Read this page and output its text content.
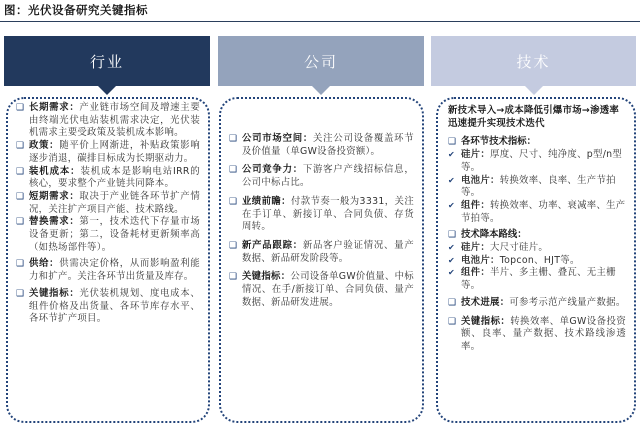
图：光伏设备研究关键指标
行业	公司	技术
❑ 长期需求：产业链市场空间及增速主要由终端光伏电站装机需求决定，光伏装机需求主要受政策及装机成本影响。
❑ 政策：随平价上网渐进，补贴政策影响逐步消退，碳排目标成为长期驱动力。
❑ 装机成本：装机成本是影响电站IRR的核心，要求整个产业链共同降本。
❑ 短期需求：取决于产业链各环节扩产情况，关注扩产项目产能、技术路线。
❑ 替换需求：第一，技术迭代下存量市场设备更新；第二，设备耗材更新频率高（如热场部件等）。
❑ 供给：供需决定价格，从而影响盈利能力和扩产。关注各环节出货量及库存。
❑ 关键指标：光伏装机规划、度电成本、组件价格及出货量、各环节库存水平、各环节扩产项目。
❑ 公司市场空间：关注公司设备覆盖环节及价值量（单GW设备投资额）。
❑ 公司竞争力：下游客户产线招标信息，公司中标占比。
❑ 业绩前瞻：付款节奏一般为3331，关注在手订单、新接订单、合同负债、存货周转。
❑ 新产品跟踪：新品客户验证情况、量产数据、新品研发阶段等。
❑ 关键指标：公司设备单GW价值量、中标情况、在手/新接订单、合同负债、量产数据、新品研发进展。
新技术导入→成本降低引爆市场→渗透率迅速提升实现技术迭代
❑ 各环节技术指标：
✔ 硅片：厚度、尺寸、纯净度、p型/n型等。
✔ 电池片：转换效率、良率、生产节拍等。
✔ 组件：转换效率、功率、衰减率、生产节拍等。
❑ 技术降本路线：
✔ 硅片：大尺寸硅片。
✔ 电池片：Topcon、HJT等。
✔ 组件：半片、多主栅、叠瓦、无主栅等。
❑ 技术进展：可参考示范产线量产数据。
❑ 关键指标：转换效率、单GW设备投资额、良率、量产数据、技术路线渗透率。
